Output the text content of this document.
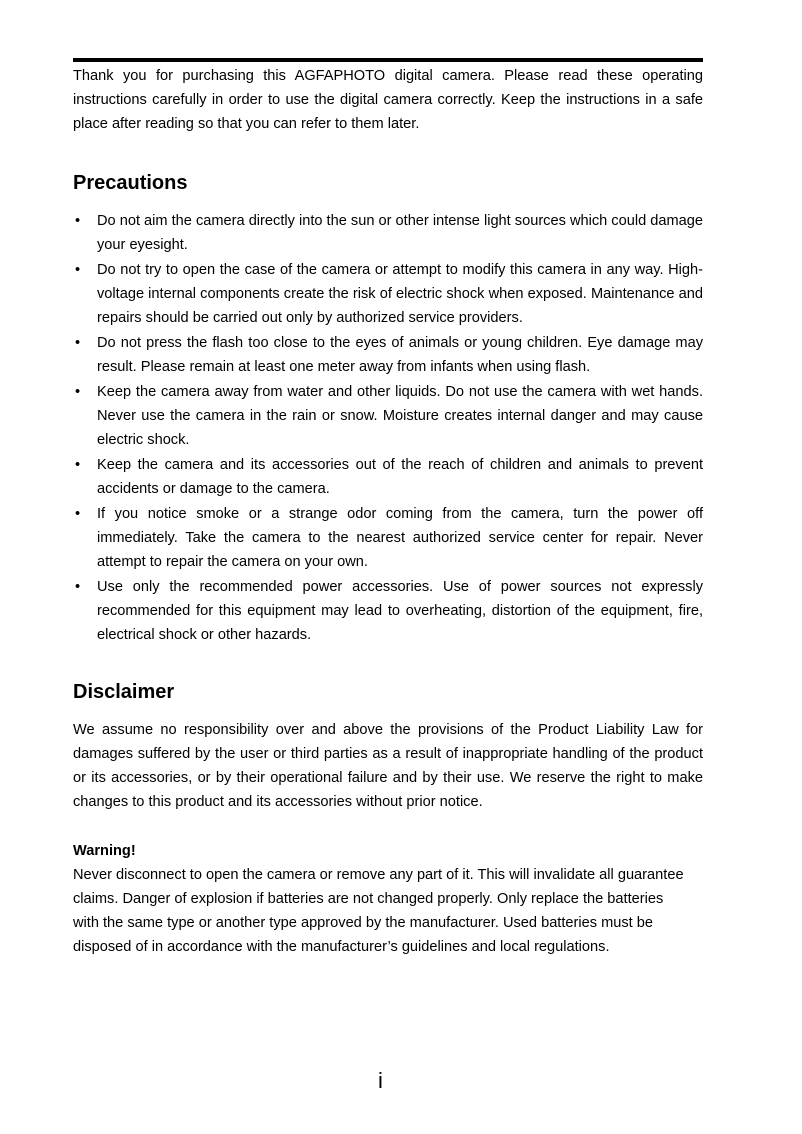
Thank you for purchasing this AGFAPHOTO digital camera. Please read these operating instructions carefully in order to use the digital camera correctly. Keep the instructions in a safe place after reading so that you can refer to them later.
Precautions
• Do not aim the camera directly into the sun or other intense light sources which could damage your eyesight.
• Do not try to open the case of the camera or attempt to modify this camera in any way. High-voltage internal components create the risk of electric shock when exposed. Maintenance and repairs should be carried out only by authorized service providers.
• Do not press the flash too close to the eyes of animals or young children. Eye damage may result. Please remain at least one meter away from infants when using flash.
• Keep the camera away from water and other liquids. Do not use the camera with wet hands. Never use the camera in the rain or snow. Moisture creates internal danger and may cause electric shock.
• Keep the camera and its accessories out of the reach of children and animals to prevent accidents or damage to the camera.
• If you notice smoke or a strange odor coming from the camera, turn the power off immediately. Take the camera to the nearest authorized service center for repair. Never attempt to repair the camera on your own.
• Use only the recommended power accessories. Use of power sources not expressly recommended for this equipment may lead to overheating, distortion of the equipment, fire, electrical shock or other hazards.
Disclaimer
We assume no responsibility over and above the provisions of the Product Liability Law for damages suffered by the user or third parties as a result of inappropriate handling of the product or its accessories, or by their operational failure and by their use. We reserve the right to make changes to this product and its accessories without prior notice.
Warning!
Never disconnect to open the camera or remove any part of it. This will invalidate all guarantee claims. Danger of explosion if batteries are not changed properly. Only replace the batteries with the same type or another type approved by the manufacturer. Used batteries must be disposed of in accordance with the manufacturer’s guidelines and local regulations.
i
